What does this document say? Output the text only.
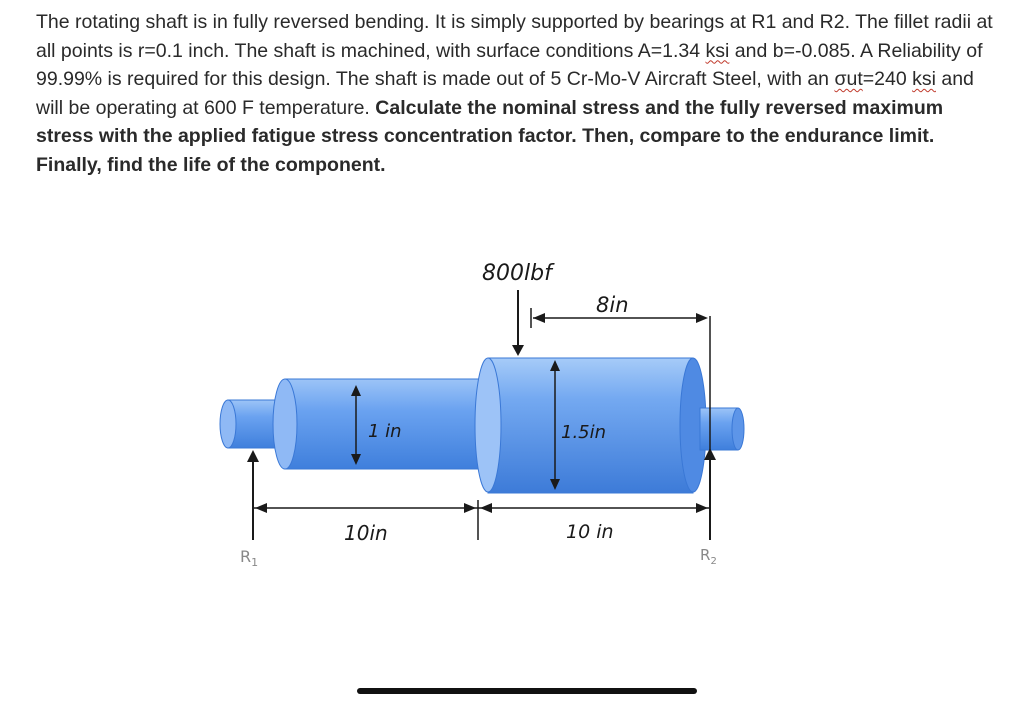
The rotating shaft is in fully reversed bending. It is simply supported by bearings at R1 and R2. The fillet radii at all points is r=0.1 inch. The shaft is machined, with surface conditions A=1.34 ksi and b=-0.085. A Reliability of 99.99% is required for this design. The shaft is made out of 5 Cr-Mo-V Aircraft Steel, with an σut=240 ksi and will be operating at 600 F temperature. Calculate the nominal stress and the fully reversed maximum stress with the applied fatigue stress concentration factor. Then, compare to the endurance limit. Finally, find the life of the component.

800lbf
8in
1 in	1.5in
10in	10 in
$R_1$	$R_2$
